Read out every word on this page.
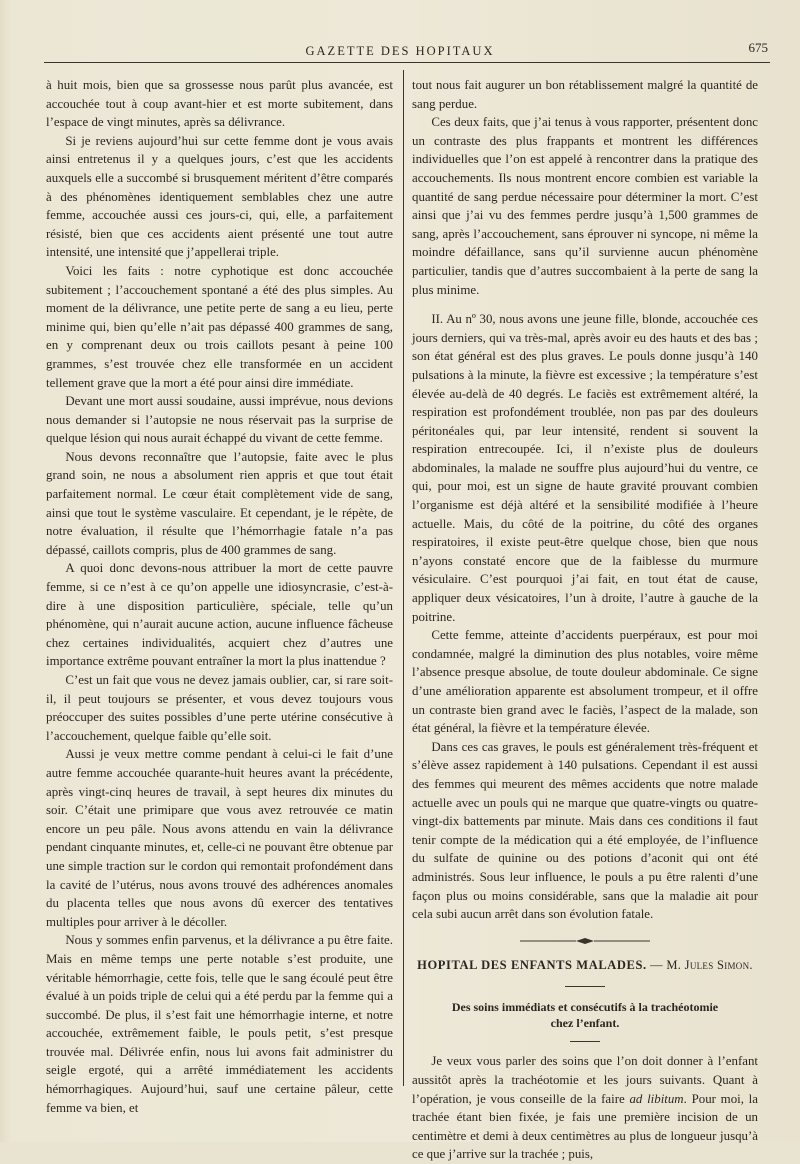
GAZETTE DES HOPITAUX	675

à huit mois, bien que sa grossesse nous parût plus avancée, est accouchée tout à coup avant-hier et est morte subitement, dans l’espace de vingt minutes, après sa délivrance.

Si je reviens aujourd’hui sur cette femme dont je vous avais ainsi entretenus il y a quelques jours, c’est que les accidents auxquels elle a succombé si brusquement méritent d’être comparés à des phénomènes identiquement semblables chez une autre femme, accouchée aussi ces jours-ci, qui, elle, a parfaitement résisté, bien que ces accidents aient présenté une tout autre intensité, une intensité que j’appellerai triple.

Voici les faits : notre cyphotique est donc accouchée subitement ; l’accouchement spontané a été des plus simples. Au moment de la délivrance, une petite perte de sang a eu lieu, perte minime qui, bien qu’elle n’ait pas dépassé 400 grammes de sang, en y comprenant deux ou trois caillots pesant à peine 100 grammes, s’est trouvée chez elle transformée en un accident tellement grave que la mort a été pour ainsi dire immédiate.

Devant une mort aussi soudaine, aussi imprévue, nous devions nous demander si l’autopsie ne nous réservait pas la surprise de quelque lésion qui nous aurait échappé du vivant de cette femme.

Nous devons reconnaître que l’autopsie, faite avec le plus grand soin, ne nous a absolument rien appris et que tout était parfaitement normal. Le cœur était complètement vide de sang, ainsi que tout le système vasculaire. Et cependant, je le répète, de notre évaluation, il résulte que l’hémorrhagie fatale n’a pas dépassé, caillots compris, plus de 400 grammes de sang.

A quoi donc devons-nous attribuer la mort de cette pauvre femme, si ce n’est à ce qu’on appelle une idiosyncrasie, c’est-à-dire à une disposition particulière, spéciale, telle qu’un phénomène, qui n’aurait aucune action, aucune influence fâcheuse chez certaines individualités, acquiert chez d’autres une importance extrême pouvant entraîner la mort la plus inattendue ?

C’est un fait que vous ne devez jamais oublier, car, si rare soit-il, il peut toujours se présenter, et vous devez toujours vous préoccuper des suites possibles d’une perte utérine consécutive à l’accouchement, quelque faible qu’elle soit.

Aussi je veux mettre comme pendant à celui-ci le fait d’une autre femme accouchée quarante-huit heures avant la précédente, après vingt-cinq heures de travail, à sept heures dix minutes du soir. C’était une primipare que vous avez retrouvée ce matin encore un peu pâle. Nous avons attendu en vain la délivrance pendant cinquante minutes, et, celle-ci ne pouvant être obtenue par une simple traction sur le cordon qui remontait profondément dans la cavité de l’utérus, nous avons trouvé des adhérences anomales du placenta telles que nous avons dû exercer des tentatives multiples pour arriver à le décoller.

Nous y sommes enfin parvenus, et la délivrance a pu être faite. Mais en même temps une perte notable s’est produite, une véritable hémorrhagie, cette fois, telle que le sang écoulé peut être évalué à un poids triple de celui qui a été perdu par la femme qui a succombé. De plus, il s’est fait une hémorrhagie interne, et notre accouchée, extrêmement faible, le pouls petit, s’est presque trouvée mal. Délivrée enfin, nous lui avons fait administrer du seigle ergoté, qui a arrêté immédiatement les accidents hémorrhagiques. Aujourd’hui, sauf une certaine pâleur, cette femme va bien, et

tout nous fait augurer un bon rétablissement malgré la quantité de sang perdue.

Ces deux faits, que j’ai tenus à vous rapporter, présentent donc un contraste des plus frappants et montrent les différences individuelles que l’on est appelé à rencontrer dans la pratique des accouchements. Ils nous montrent encore combien est variable la quantité de sang perdue nécessaire pour déterminer la mort. C’est ainsi que j’ai vu des femmes perdre jusqu’à 1,500 grammes de sang, après l’accouchement, sans éprouver ni syncope, ni même la moindre défaillance, sans qu’il survienne aucun phénomène particulier, tandis que d’autres succombaient à la perte de sang la plus minime.

II. Au nº 30, nous avons une jeune fille, blonde, accouchée ces jours derniers, qui va très-mal, après avoir eu des hauts et des bas ; son état général est des plus graves. Le pouls donne jusqu’à 140 pulsations à la minute, la fièvre est excessive ; la température s’est élevée au-delà de 40 degrés. Le faciès est extrêmement altéré, la respiration est profondément troublée, non pas par des douleurs péritonéales qui, par leur intensité, rendent si souvent la respiration entrecoupée. Ici, il n’existe plus de douleurs abdominales, la malade ne souffre plus aujourd’hui du ventre, ce qui, pour moi, est un signe de haute gravité prouvant combien l’organisme est déjà altéré et la sensibilité modifiée à l’heure actuelle. Mais, du côté de la poitrine, du côté des organes respiratoires, il existe peut-être quelque chose, bien que nous n’ayons constaté encore que de la faiblesse du murmure vésiculaire. C’est pourquoi j’ai fait, en tout état de cause, appliquer deux vésicatoires, l’un à droite, l’autre à gauche de la poitrine.

Cette femme, atteinte d’accidents puerpéraux, est pour moi condamnée, malgré la diminution des plus notables, voire même l’absence presque absolue, de toute douleur abdominale. Ce signe d’une amélioration apparente est absolument trompeur, et il offre un contraste bien grand avec le faciès, l’aspect de la malade, son état général, la fièvre et la température élevée.

Dans ces cas graves, le pouls est généralement très-fréquent et s’élève assez rapidement à 140 pulsations. Cependant il est aussi des femmes qui meurent des mêmes accidents que notre malade actuelle avec un pouls qui ne marque que quatre-vingts ou quatre-vingt-dix battements par minute. Mais dans ces conditions il faut tenir compte de la médication qui a été employée, de l’influence du sulfate de quinine ou des potions d’aconit qui ont été administrés. Sous leur influence, le pouls a pu être ralenti d’une façon plus ou moins considérable, sans que la maladie ait pour cela subi aucun arrêt dans son évolution fatale.

HOPITAL DES ENFANTS MALADES. — M. Jules Simon.
Des soins immédiats et consécutifs à la trachéotomie
chez l’enfant.

Je veux vous parler des soins que l’on doit donner à l’enfant aussitôt après la trachéotomie et les jours suivants. Quant à l’opération, je vous conseille de la faire ad libitum. Pour moi, la trachée étant bien fixée, je fais une première incision de un centimètre et demi à deux centimètres au plus de longueur jusqu’à ce que j’arrive sur la trachée ; puis,
